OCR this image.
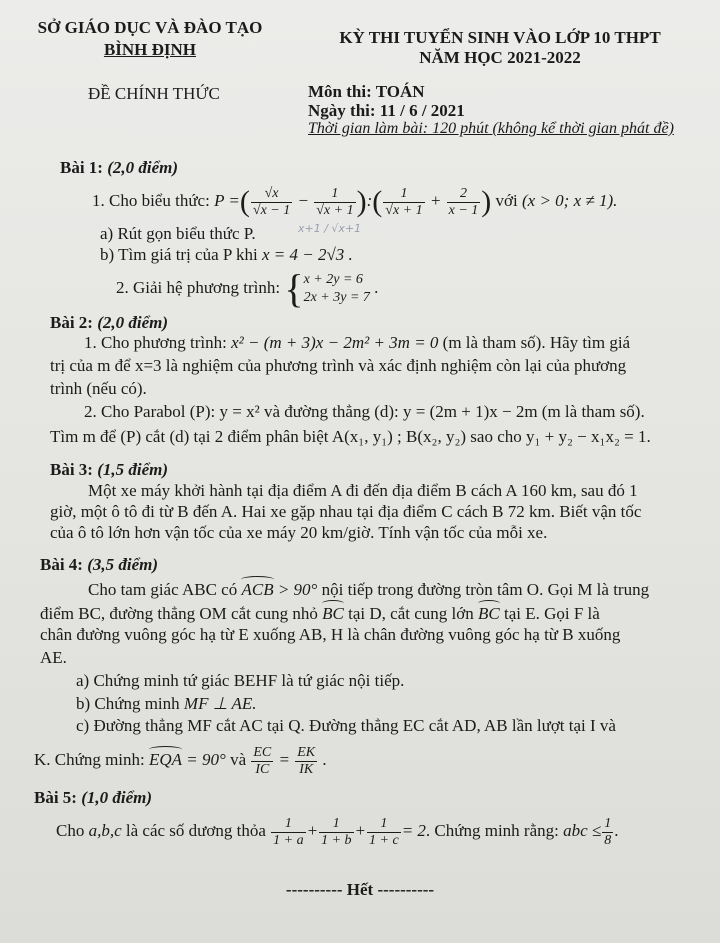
SỞ GIÁO DỤC VÀ ĐÀO TẠO
BÌNH ĐỊNH
KỲ THI TUYỂN SINH VÀO LỚP 10 THPT
NĂM HỌC 2021-2022
ĐỀ CHÍNH THỨC	Môn thi: TOÁN
Ngày thi: 11 / 6 / 2021
Thời gian làm bài: 120 phút (không kể thời gian phát đề)
Bài 1: (2,0 điểm)
1. Cho biểu thức: P =( $\frac{√x}{√x - 1} - \frac{1}{√x + 1}$ ):( $\frac{1}{√x + 1} + \frac{2}{x - 1}$ ) với (x > 0; x ≠ 1).
x+1 / √x+1
a) Rút gọn biểu thức P.
b) Tìm giá trị của P khi x = 4 − 2√3 .
2. Giải hệ phương trình: { x + 2y = 6
2x + 3y = 7
.
Bài 2: (2,0 điểm)
1. Cho phương trình: x² − (m + 3)x − 2m² + 3m = 0 (m là tham số). Hãy tìm giá
trị của m để x=3 là nghiệm của phương trình và xác định nghiệm còn lại của phương
trình (nếu có).
2. Cho Parabol (P): y = x² và đường thẳng (d): y = (2m + 1)x − 2m (m là tham số).
Tìm m để (P) cắt (d) tại 2 điểm phân biệt A(x₁, y₁) ; B(x₂, y₂) sao cho y₁ + y₂ − x₁x₂ = 1.
Bài 3: (1,5 điểm)
Một xe máy khởi hành tại địa điểm A đi đến địa điểm B cách A 160 km, sau đó 1
giờ, một ô tô đi từ B đến A. Hai xe gặp nhau tại địa điểm C cách B 72 km. Biết vận tốc
của ô tô lớn hơn vận tốc của xe máy 20 km/giờ. Tính vận tốc của mỗi xe.
Bài 4: (3,5 điểm)
Cho tam giác ABC có ACB > 90° nội tiếp trong đường tròn tâm O. Gọi M là trung
điểm BC, đường thẳng OM cắt cung nhỏ BC tại D, cắt cung lớn BC tại E. Gọi F là
chân đường vuông góc hạ từ E xuống AB, H là chân đường vuông góc hạ từ B xuống
AE.
a) Chứng minh tứ giác BEHF là tứ giác nội tiếp.
b) Chứng minh MF ⊥ AE.
c) Đường thẳng MF cắt AC tại Q. Đường thẳng EC cắt AD, AB lần lượt tại I và
K. Chứng minh: EQA = 90° và $\frac{EC}{IC} = \frac{EK}{IK}$ .
Bài 5: (1,0 điểm)
Cho a,b,c là các số dương thỏa $\frac{1}{1 + a} + \frac{1}{1 + b} + \frac{1}{1 + c} = 2$. Chứng minh rằng: abc ≤ $\frac{1}{8}$ .
---------- Hết ----------
